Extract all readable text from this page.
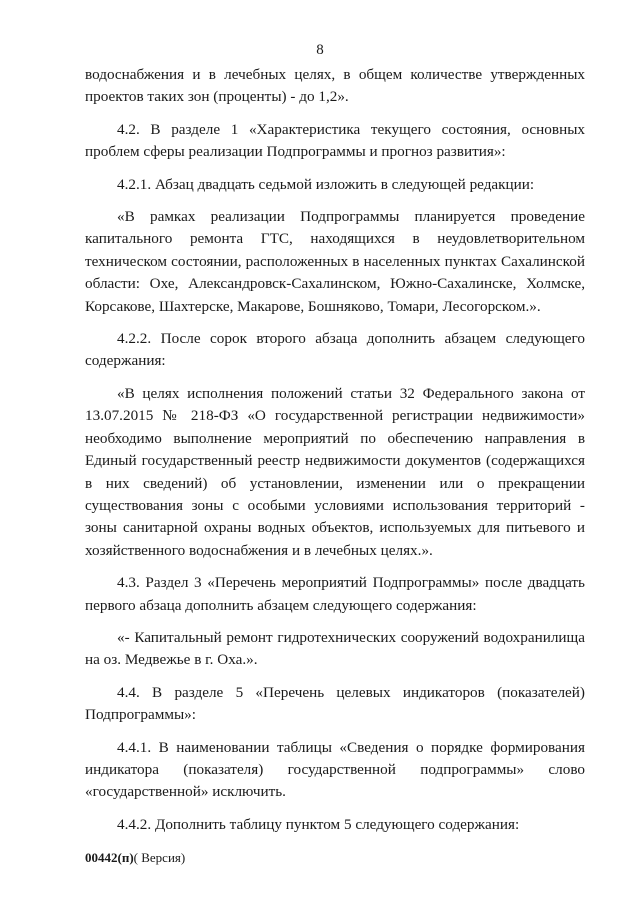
8

водоснабжения и в лечебных целях, в общем количестве утвержденных проектов таких зон (проценты) - до 1,2».

4.2. В разделе 1 «Характеристика текущего состояния, основных проблем сферы реализации Подпрограммы и прогноз развития»:

4.2.1. Абзац двадцать седьмой изложить в следующей редакции:

«В рамках реализации Подпрограммы планируется проведение капитального ремонта ГТС, находящихся в неудовлетворительном техническом состоянии, расположенных в населенных пунктах Сахалинской области: Охе, Александровск-Сахалинском, Южно-Сахалинске, Холмске, Корсакове, Шахтерске, Макарове, Бошняково, Томари, Лесогорском.».

4.2.2. После сорок второго абзаца дополнить абзацем следующего содержания:

«В целях исполнения положений статьи 32 Федерального закона от 13.07.2015 № 218-ФЗ «О государственной регистрации недвижимости» необходимо выполнение мероприятий по обеспечению направления в Единый государственный реестр недвижимости документов (содержащихся в них сведений) об установлении, изменении или о прекращении существования зоны с особыми условиями использования территорий - зоны санитарной охраны водных объектов, используемых для питьевого и хозяйственного водоснабжения и в лечебных целях.».

4.3. Раздел 3 «Перечень мероприятий Подпрограммы» после двадцать первого абзаца дополнить абзацем следующего содержания:

«- Капитальный ремонт гидротехнических сооружений водохранилища на оз. Медвежье в г. Оха.».

4.4. В разделе 5 «Перечень целевых индикаторов (показателей) Подпрограммы»:

4.4.1. В наименовании таблицы «Сведения о порядке формирования индикатора (показателя) государственной подпрограммы» слово «государственной» исключить.

4.4.2. Дополнить таблицу пунктом 5 следующего содержания:

00442(п)( Версия)
